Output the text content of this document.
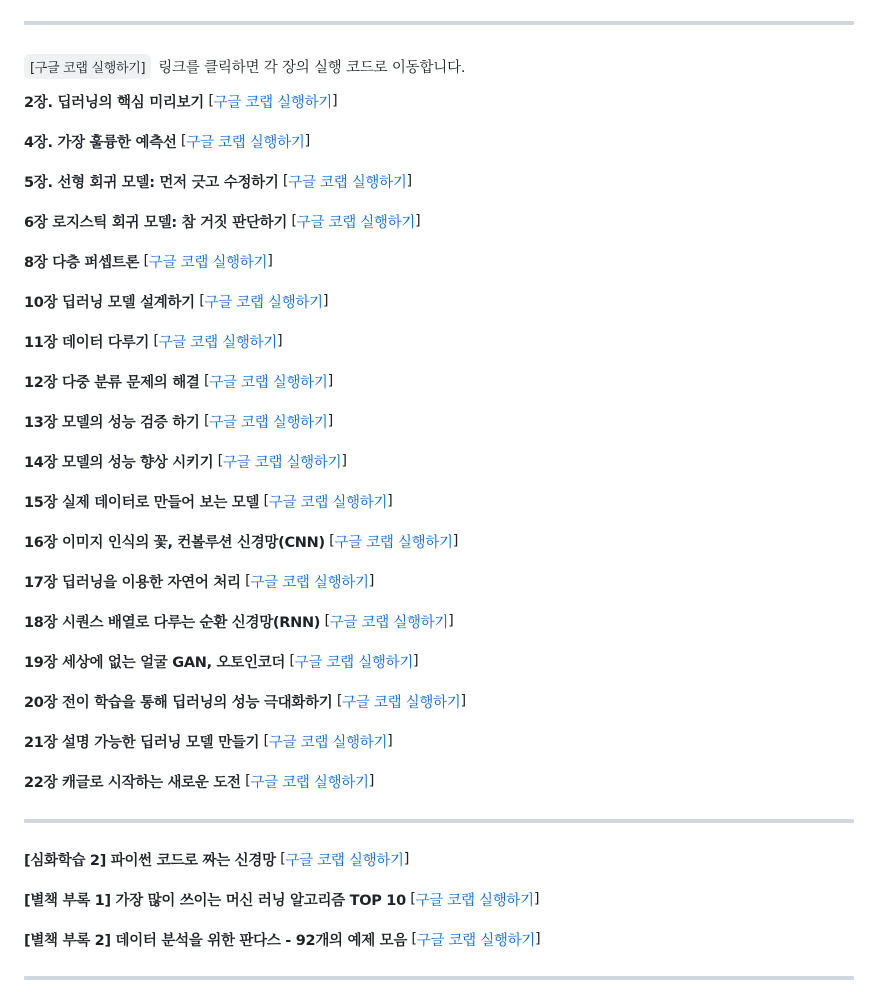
[구글 코랩 실행하기] 링크를 클릭하면 각 장의 실행 코드로 이동합니다.
2장. 딥러닝의 핵심 미리보기
[ 구글 코랩 실행하기 ]
4장. 가장 훌륭한 예측선
[ 구글 코랩 실행하기 ]
5장. 선형 회귀 모델: 먼저 긋고 수정하기
[ 구글 코랩 실행하기 ]
6장 로지스틱 회귀 모델: 참 거짓 판단하기
[ 구글 코랩 실행하기 ]
8장 다층 퍼셉트론
[ 구글 코랩 실행하기 ]
10장 딥러닝 모델 설계하기
[ 구글 코랩 실행하기 ]
11장 데이터 다루기
[ 구글 코랩 실행하기 ]
12장 다중 분류 문제의 해결
[ 구글 코랩 실행하기 ]
13장 모델의 성능 검증 하기
[ 구글 코랩 실행하기 ]
14장 모델의 성능 향상 시키기
[ 구글 코랩 실행하기 ]
15장 실제 데이터로 만들어 보는 모델
[ 구글 코랩 실행하기 ]
16장 이미지 인식의 꽃, 컨볼루션 신경망(CNN)
[ 구글 코랩 실행하기 ]
17장 딥러닝을 이용한 자연어 처리
[ 구글 코랩 실행하기 ]
18장 시퀀스 배열로 다루는 순환 신경망(RNN)
[ 구글 코랩 실행하기 ]
19장 세상에 없는 얼굴 GAN, 오토인코더
[ 구글 코랩 실행하기 ]
20장 전이 학습을 통해 딥러닝의 성능 극대화하기
[ 구글 코랩 실행하기 ]
21장 설명 가능한 딥러닝 모델 만들기
[ 구글 코랩 실행하기 ]
22장 캐글로 시작하는 새로운 도전
[ 구글 코랩 실행하기 ]
[심화학습 2] 파이썬 코드로 짜는 신경망
[ 구글 코랩 실행하기 ]
[별책 부록 1] 가장 많이 쓰이는 머신 러닝 알고리즘 TOP 10
[ 구글 코랩 실행하기 ]
[별책 부록 2] 데이터 분석을 위한 판다스 - 92개의 예제 모음
[ 구글 코랩 실행하기 ]
